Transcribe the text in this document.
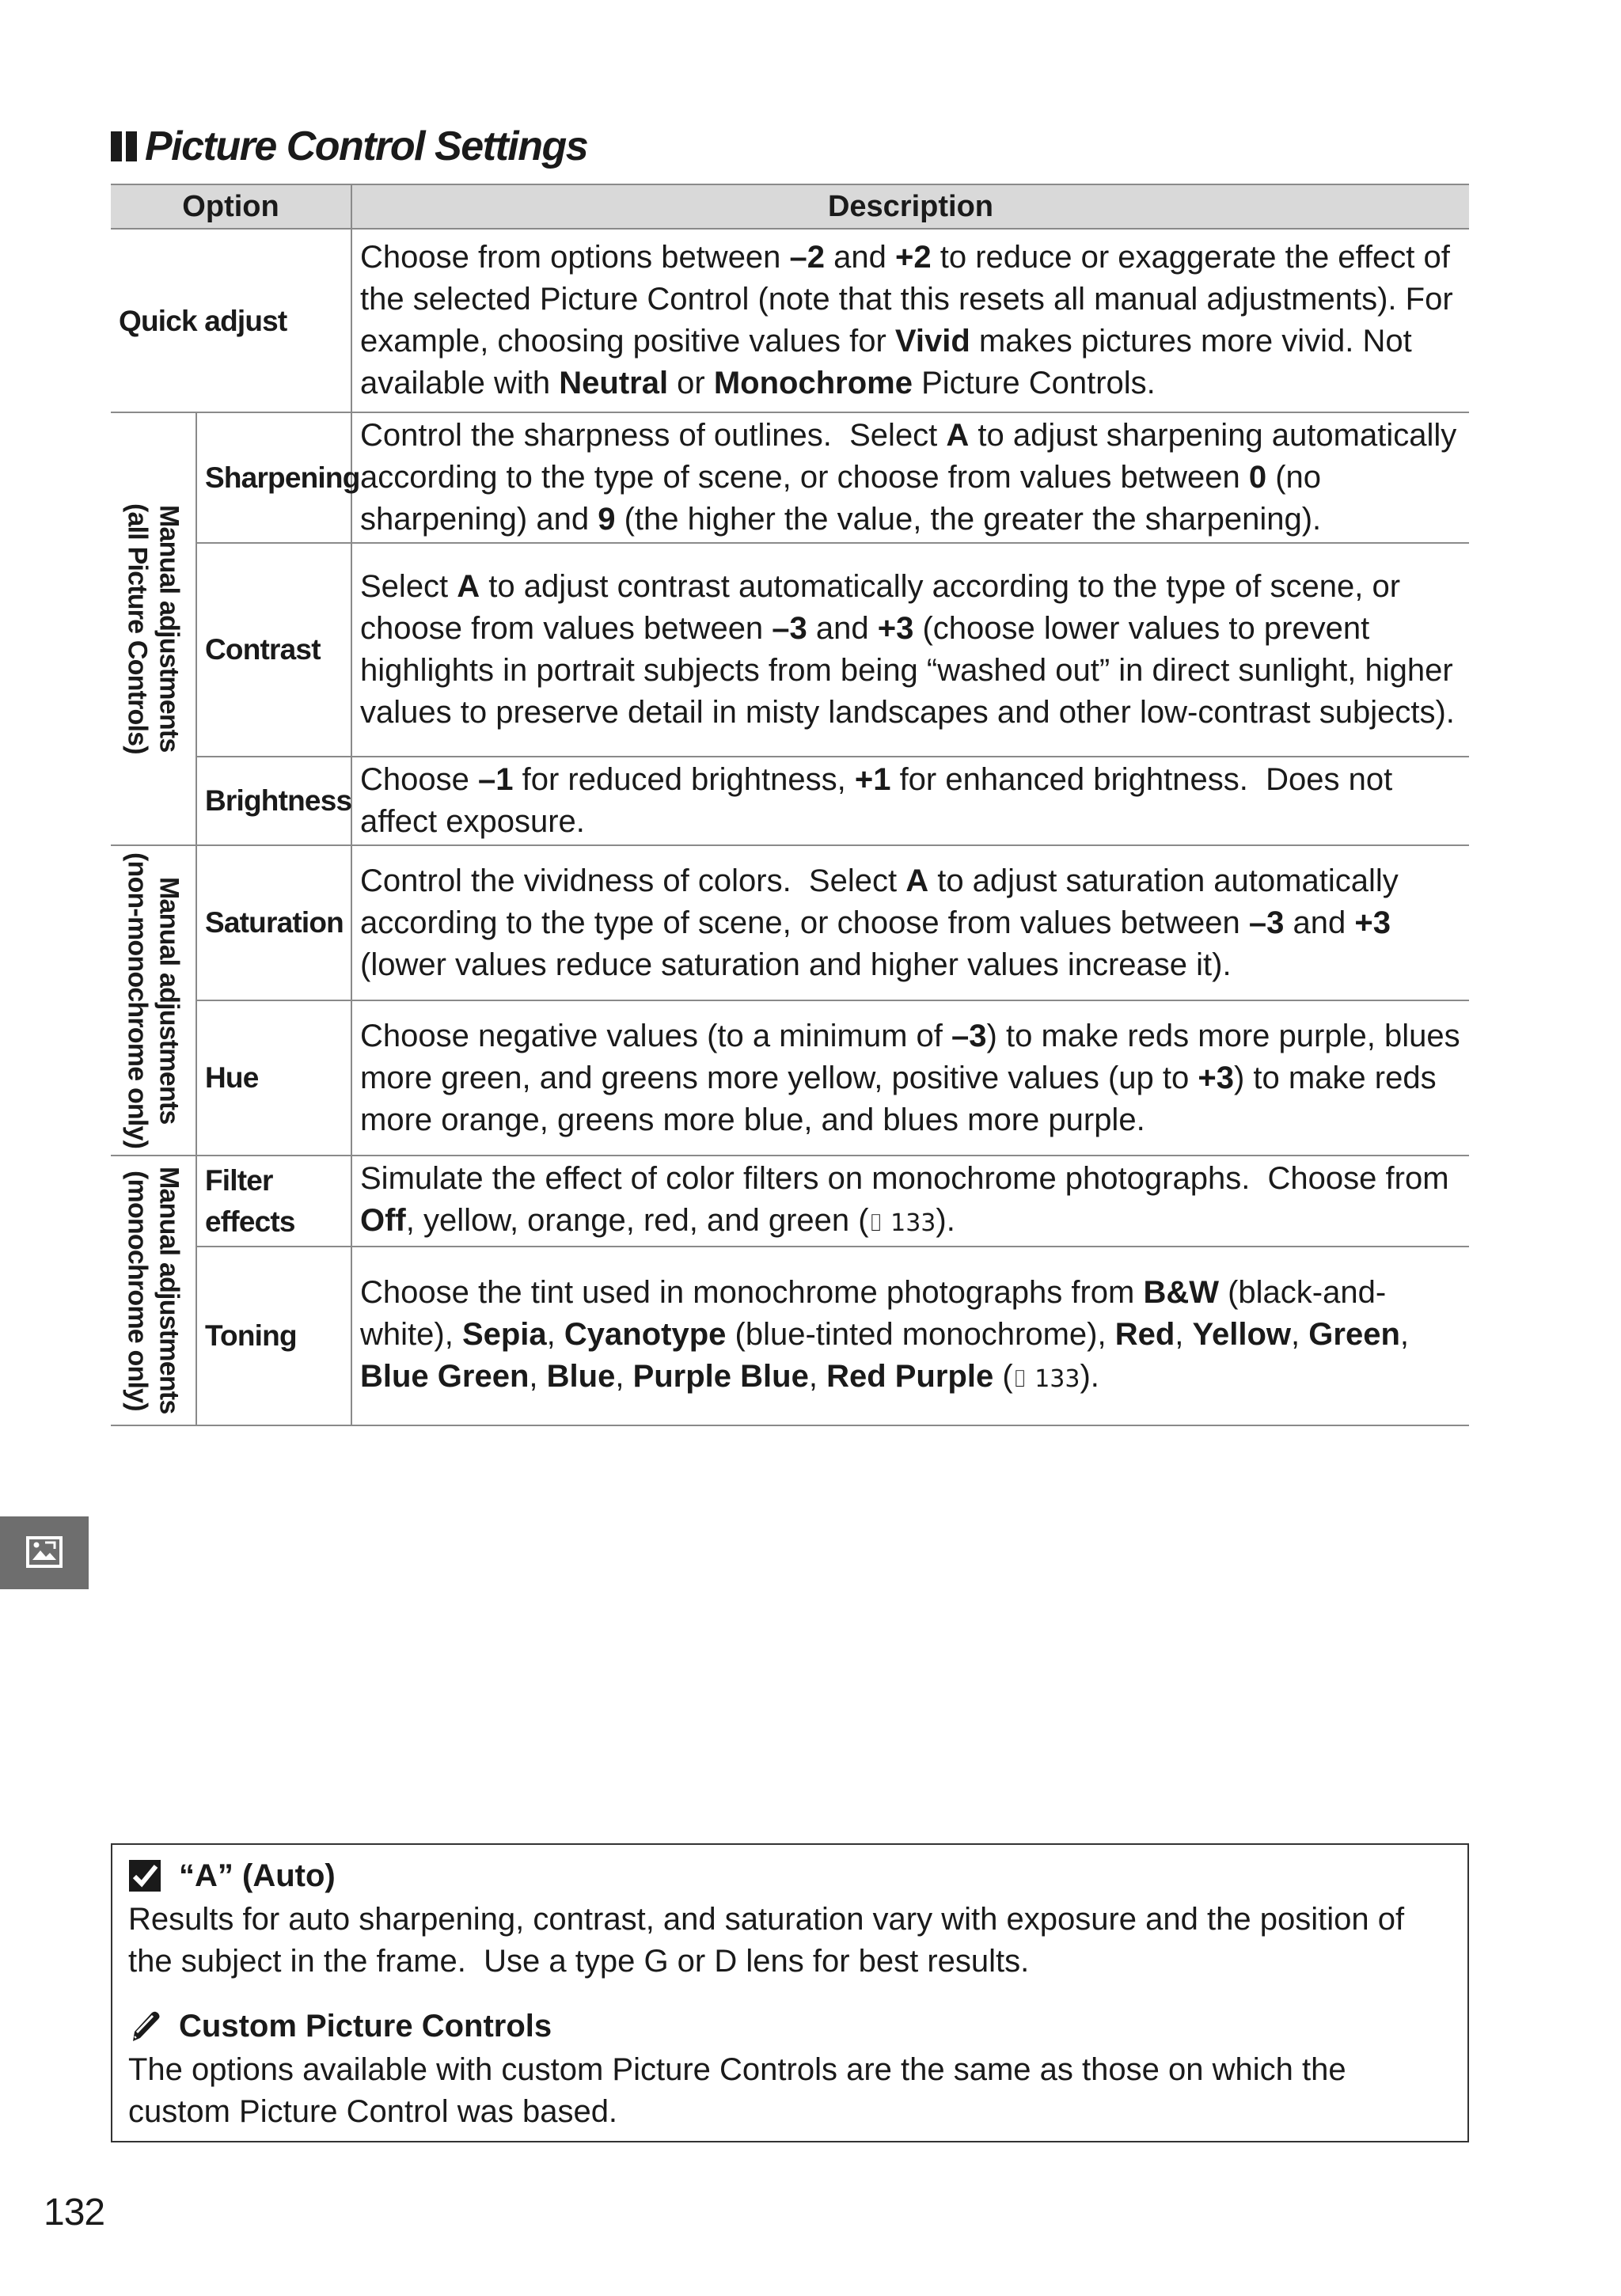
Picture Control Settings
Option		Description
Quick adjust		Choose from options between –2 and +2 to reduce or exaggerate the effect of the selected Picture Control (note that this resets all manual adjustments). For example, choosing positive values for Vivid makes pictures more vivid. Not available with Neutral or Monochrome Picture Controls.

Manual adjustments
(all Picture Controls)	Sharpening	Control the sharpness of outlines.  Select A to adjust sharpening automatically according to the type of scene, or choose from values between 0 (no sharpening) and 9 (the higher the value, the greater the sharpening).
	Contrast	Select A to adjust contrast automatically according to the type of scene, or choose from values between –3 and +3 (choose lower values to prevent highlights in portrait subjects from being “washed out” in direct sunlight, higher values to preserve detail in misty landscapes and other low-contrast subjects).
	Brightness	Choose –1 for reduced brightness, +1 for enhanced brightness.  Does not affect exposure.

Manual adjustments
(non-monochrome only)	Saturation	Control the vividness of colors.  Select A to adjust saturation automatically according to the type of scene, or choose from values between –3 and +3 (lower values reduce saturation and higher values increase it).
	Hue	Choose negative values (to a minimum of –3) to make reds more purple, blues more green, and greens more yellow, positive values (up to +3) to make reds more orange, greens more blue, and blues more purple.

Manual adjustments
(monochrome only)	Filter effects	Simulate the effect of color filters on monochrome photographs.  Choose from Off, yellow, orange, red, and green (⌷ 133).
	Toning	Choose the tint used in monochrome photographs from B&W (black-and-white), Sepia, Cyanotype (blue-tinted monochrome), Red, Yellow, Green, Blue Green, Blue, Purple Blue, Red Purple (⌷ 133).
“A” (Auto)

Results for auto sharpening, contrast, and saturation vary with exposure and the position of the subject in the frame.  Use a type G or D lens for best results.

Custom Picture Controls

The options available with custom Picture Controls are the same as those on which the custom Picture Control was based.

132
